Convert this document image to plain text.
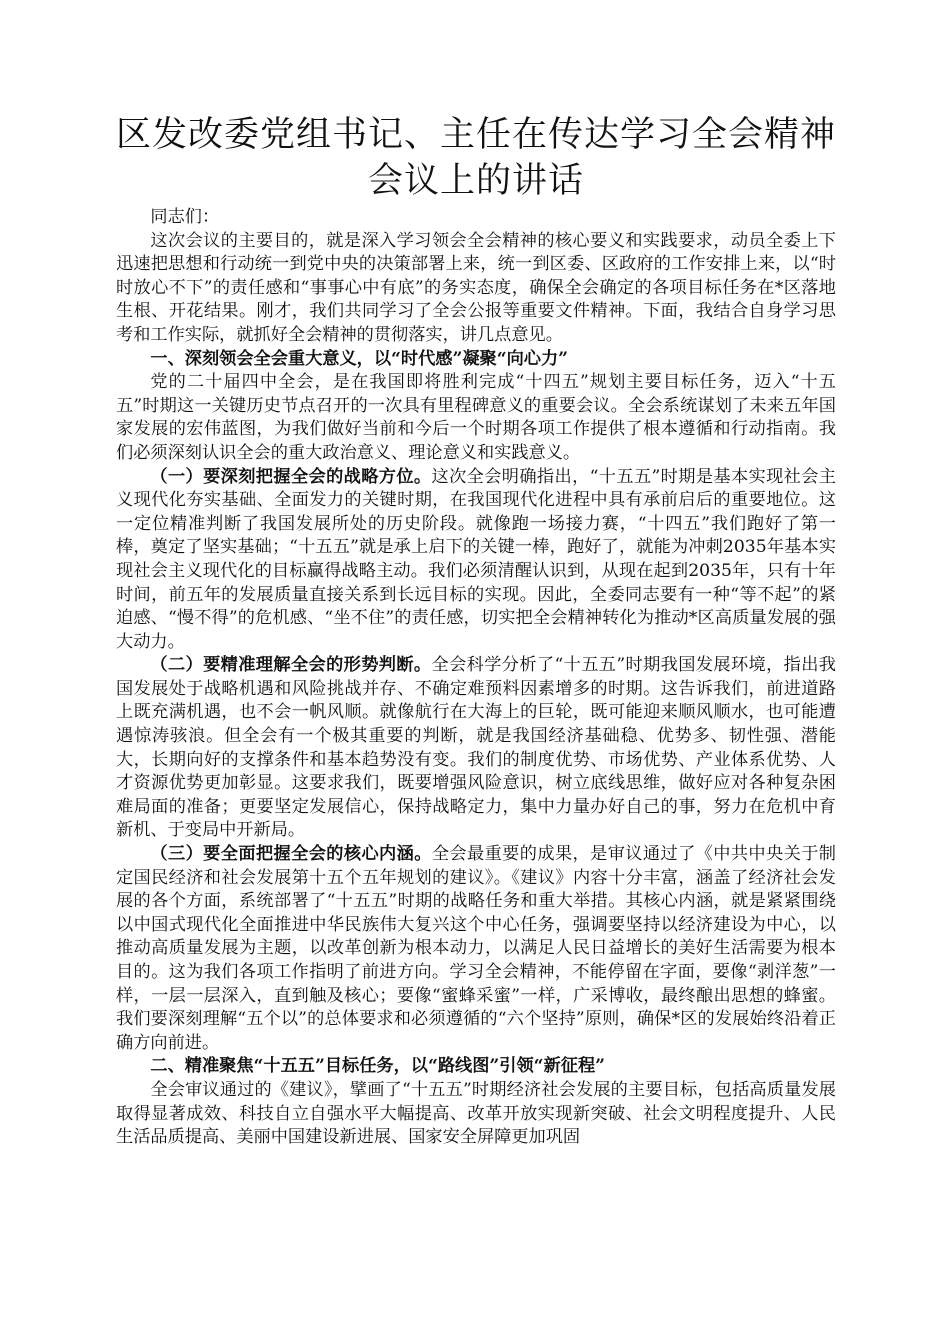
区发改委党组书记、主任在传达学习全会精神
会议上的讲话

同志们：

这次会议的主要目的，就是深入学习领会全会精神的核心要义和实践要求，动员全委上下迅速把思想和行动统一到党中央的决策部署上来，统一到区委、区政府的工作安排上来，以“时时放心不下”的责任感和“事事心中有底”的务实态度，确保全会确定的各项目标任务在*区落地生根、开花结果。刚才，我们共同学习了全会公报等重要文件精神。下面，我结合自身学习思考和工作实际，就抓好全会精神的贯彻落实，讲几点意见。

一、深刻领会全会重大意义，以“时代感”凝聚“向心力”

党的二十届四中全会，是在我国即将胜利完成“十四五”规划主要目标任务，迈入“十五五”时期这一关键历史节点召开的一次具有里程碑意义的重要会议。全会系统谋划了未来五年国家发展的宏伟蓝图，为我们做好当前和今后一个时期各项工作提供了根本遵循和行动指南。我们必须深刻认识全会的重大政治意义、理论意义和实践意义。

（一）要深刻把握全会的战略方位。这次全会明确指出，“十五五”时期是基本实现社会主义现代化夯实基础、全面发力的关键时期，在我国现代化进程中具有承前启后的重要地位。这一定位精准判断了我国发展所处的历史阶段。就像跑一场接力赛，“十四五”我们跑好了第一棒，奠定了坚实基础；“十五五”就是承上启下的关键一棒，跑好了，就能为冲刺2035年基本实现社会主义现代化的目标赢得战略主动。我们必须清醒认识到，从现在起到2035年，只有十年时间，前五年的发展质量直接关系到长远目标的实现。因此，全委同志要有一种“等不起”的紧迫感、“慢不得”的危机感、“坐不住”的责任感，切实把全会精神转化为推动*区高质量发展的强大动力。

（二）要精准理解全会的形势判断。全会科学分析了“十五五”时期我国发展环境，指出我国发展处于战略机遇和风险挑战并存、不确定难预料因素增多的时期。这告诉我们，前进道路上既充满机遇，也不会一帆风顺。就像航行在大海上的巨轮，既可能迎来顺风顺水，也可能遭遇惊涛骇浪。但全会有一个极其重要的判断，就是我国经济基础稳、优势多、韧性强、潜能大，长期向好的支撑条件和基本趋势没有变。我们的制度优势、市场优势、产业体系优势、人才资源优势更加彰显。这要求我们，既要增强风险意识，树立底线思维，做好应对各种复杂困难局面的准备；更要坚定发展信心，保持战略定力，集中力量办好自己的事，努力在危机中育新机、于变局中开新局。

（三）要全面把握全会的核心内涵。全会最重要的成果，是审议通过了《中共中央关于制定国民经济和社会发展第十五个五年规划的建议》。《建议》内容十分丰富，涵盖了经济社会发展的各个方面，系统部署了“十五五”时期的战略任务和重大举措。其核心内涵，就是紧紧围绕以中国式现代化全面推进中华民族伟大复兴这个中心任务，强调要坚持以经济建设为中心，以推动高质量发展为主题，以改革创新为根本动力，以满足人民日益增长的美好生活需要为根本目的。这为我们各项工作指明了前进方向。学习全会精神，不能停留在字面，要像“剥洋葱”一样，一层一层深入，直到触及核心；要像“蜜蜂采蜜”一样，广采博收，最终酿出思想的蜂蜜。我们要深刻理解“五个以”的总体要求和必须遵循的“六个坚持”原则，确保*区的发展始终沿着正确方向前进。

二、精准聚焦“十五五”目标任务，以“路线图”引领“新征程”

全会审议通过的《建议》，擘画了“十五五”时期经济社会发展的主要目标，包括高质量发展取得显著成效、科技自立自强水平大幅提高、改革开放实现新突破、社会文明程度提升、人民生活品质提高、美丽中国建设新进展、国家安全屏障更加巩固
